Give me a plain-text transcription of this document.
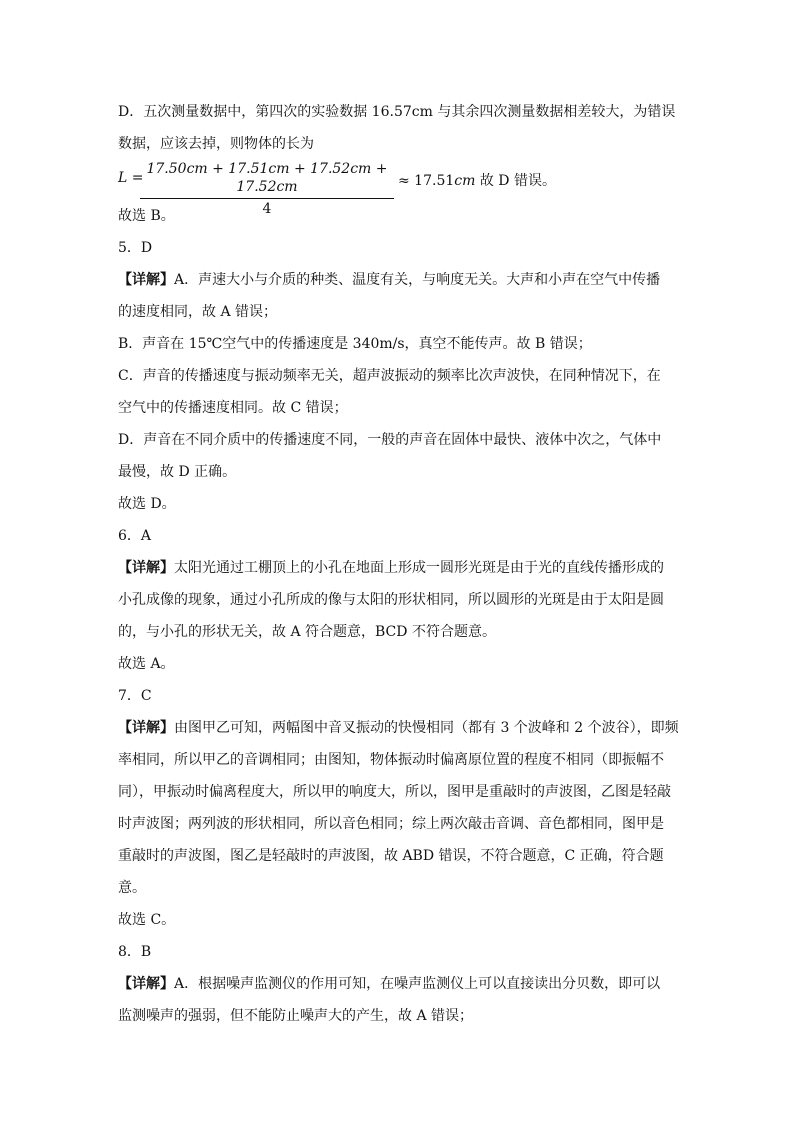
D．五次测量数据中，第四次的实验数据 16.57cm 与其余四次测量数据相差较大，为错误
数据，应该去掉，则物体的长为
L =
17.50cm + 17.51cm + 17.52cm + 17.52cm
4
≈ 17.51cm 故 D 错误。
故选 B。
5．D
【详解】A．声速大小与介质的种类、温度有关，与响度无关。大声和小声在空气中传播
的速度相同，故 A 错误；
B．声音在 15℃空气中的传播速度是 340m/s，真空不能传声。故 B 错误；
C．声音的传播速度与振动频率无关，超声波振动的频率比次声波快，在同种情况下，在
空气中的传播速度相同。故 C 错误；
D．声音在不同介质中的传播速度不同，一般的声音在固体中最快、液体中次之，气体中
最慢，故 D 正确。
故选 D。
6．A
【详解】太阳光通过工棚顶上的小孔在地面上形成一圆形光斑是由于光的直线传播形成的
小孔成像的现象，通过小孔所成的像与太阳的形状相同，所以圆形的光斑是由于太阳是圆
的，与小孔的形状无关，故 A 符合题意，BCD 不符合题意。
故选 A。
7．C
【详解】由图甲乙可知，两幅图中音叉振动的快慢相同（都有 3 个波峰和 2 个波谷），即频
率相同，所以甲乙的音调相同；由图知，物体振动时偏离原位置的程度不相同（即振幅不
同），甲振动时偏离程度大，所以甲的响度大，所以，图甲是重敲时的声波图，乙图是轻敲
时声波图；两列波的形状相同，所以音色相同；综上两次敲击音调、音色都相同，图甲是
重敲时的声波图，图乙是轻敲时的声波图，故 ABD 错误，不符合题意，C 正确，符合题
意。
故选 C。
8．B
【详解】A．根据噪声监测仪的作用可知，在噪声监测仪上可以直接读出分贝数，即可以
监测噪声的强弱，但不能防止噪声大的产生，故 A 错误；
